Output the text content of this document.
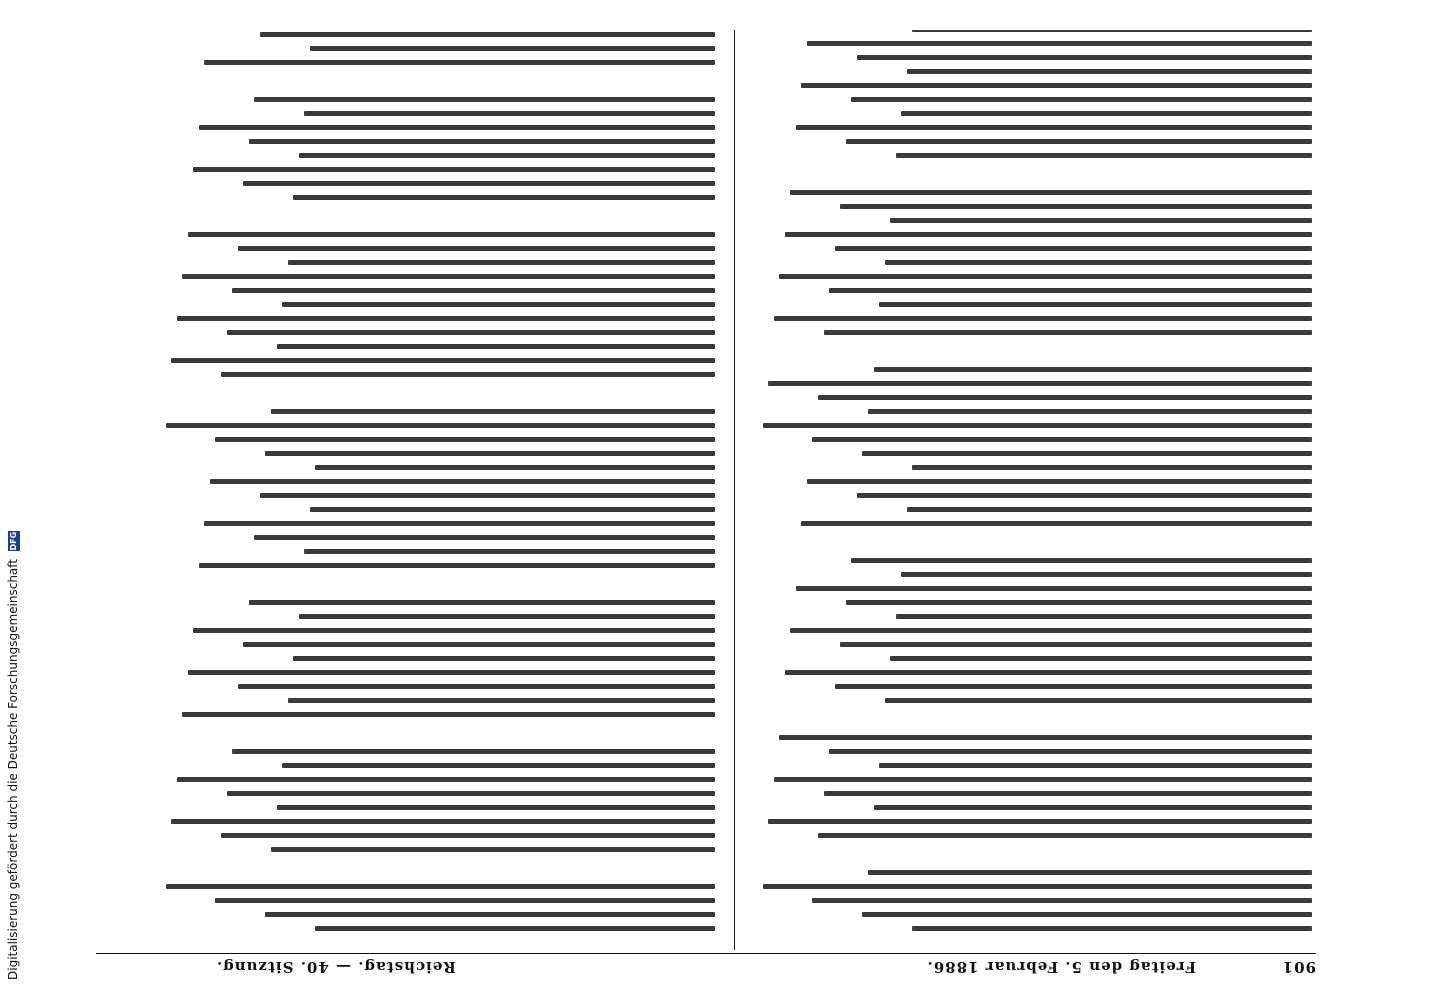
901
Freitag den 5. Februar 1886.
Reichstag. — 40. Sitzung.
Digitalisierung gefördert durch die Deutsche Forschungsgemeinschaft DFG
